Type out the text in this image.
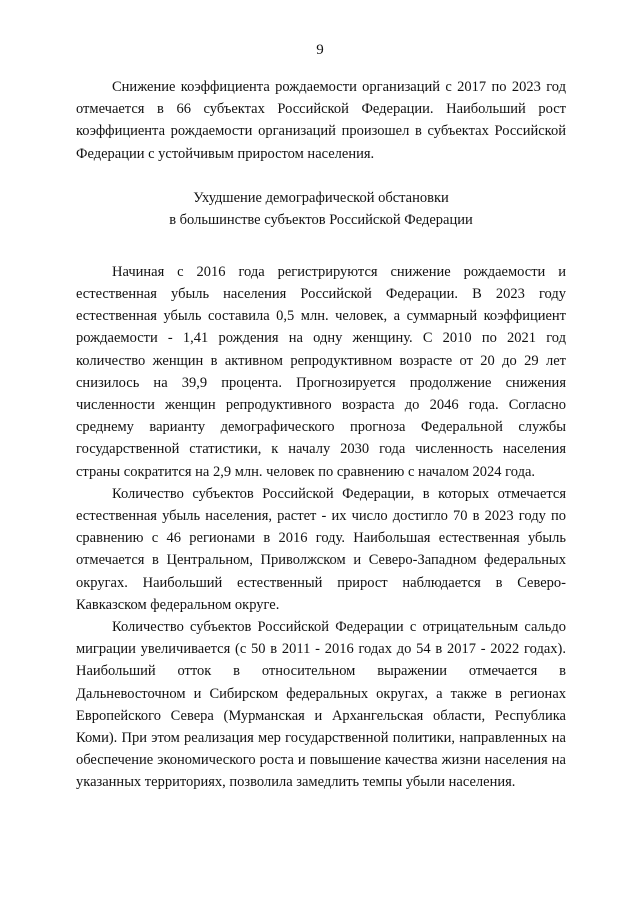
9

Снижение коэффициента рождаемости организаций с 2017 по 2023 год отмечается в 66 субъектах Российской Федерации. Наибольший рост коэффициента рождаемости организаций произошел в субъектах Российской Федерации с устойчивым приростом населения.

Ухудшение демографической обстановки
в большинстве субъектов Российской Федерации

Начиная с 2016 года регистрируются снижение рождаемости и естественная убыль населения Российской Федерации. В 2023 году естественная убыль составила 0,5 млн. человек, а суммарный коэффициент рождаемости - 1,41 рождения на одну женщину. С 2010 по 2021 год количество женщин в активном репродуктивном возрасте от 20 до 29 лет снизилось на 39,9 процента. Прогнозируется продолжение снижения численности женщин репродуктивного возраста до 2046 года. Согласно среднему варианту демографического прогноза Федеральной службы государственной статистики, к началу 2030 года численность населения страны сократится на 2,9 млн. человек по сравнению с началом 2024 года.

Количество субъектов Российской Федерации, в которых отмечается естественная убыль населения, растет - их число достигло 70 в 2023 году по сравнению с 46 регионами в 2016 году. Наибольшая естественная убыль отмечается в Центральном, Приволжском и Северо-Западном федеральных округах. Наибольший естественный прирост наблюдается в Северо-Кавказском федеральном округе.

Количество субъектов Российской Федерации с отрицательным сальдо миграции увеличивается (с 50 в 2011 - 2016 годах до 54 в 2017 - 2022 годах). Наибольший отток в относительном выражении отмечается в Дальневосточном и Сибирском федеральных округах, а также в регионах Европейского Севера (Мурманская и Архангельская области, Республика Коми). При этом реализация мер государственной политики, направленных на обеспечение экономического роста и повышение качества жизни населения на указанных территориях, позволила замедлить темпы убыли населения.
